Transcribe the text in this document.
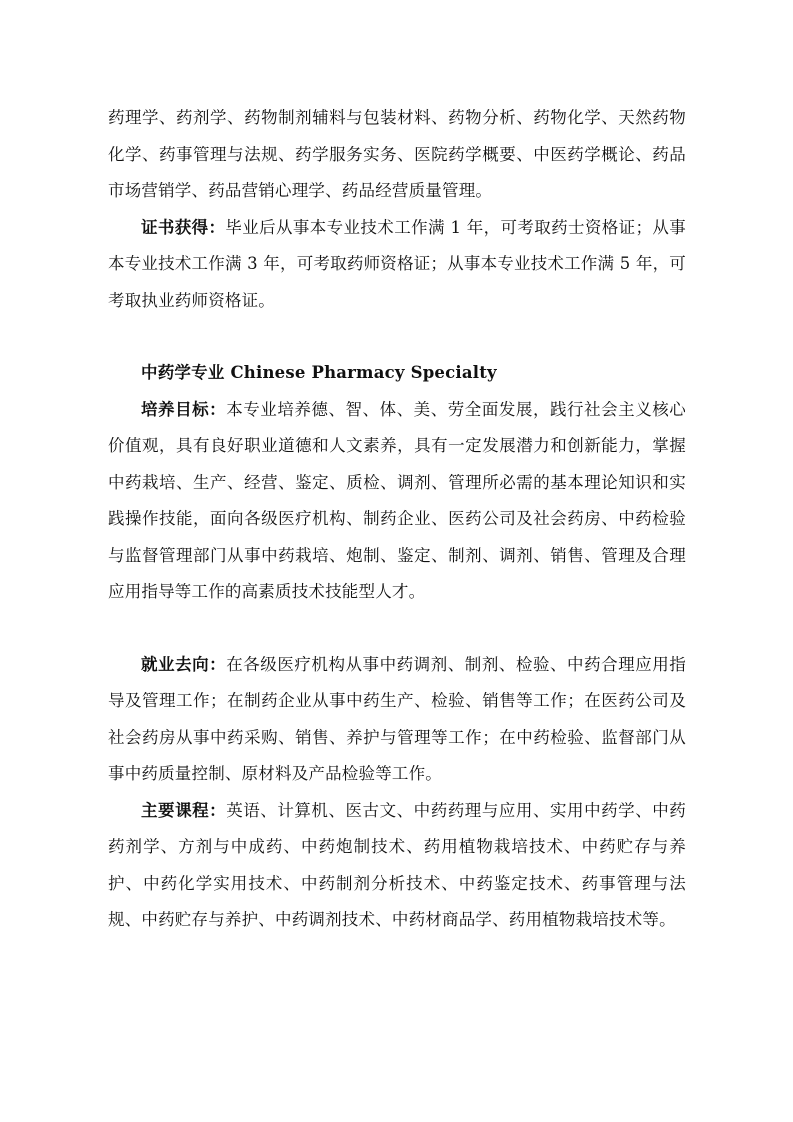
药理学、药剂学、药物制剂辅料与包装材料、药物分析、药物化学、天然药物化学、药事管理与法规、药学服务实务、医院药学概要、中医药学概论、药品市场营销学、药品营销心理学、药品经营质量管理。

证书获得：毕业后从事本专业技术工作满 1 年，可考取药士资格证；从事本专业技术工作满 3 年，可考取药师资格证；从事本专业技术工作满 5 年，可考取执业药师资格证。

中药学专业 Chinese Pharmacy Specialty

培养目标：本专业培养德、智、体、美、劳全面发展，践行社会主义核心价值观，具有良好职业道德和人文素养，具有一定发展潜力和创新能力，掌握中药栽培、生产、经营、鉴定、质检、调剂、管理所必需的基本理论知识和实践操作技能，面向各级医疗机构、制药企业、医药公司及社会药房、中药检验与监督管理部门从事中药栽培、炮制、鉴定、制剂、调剂、销售、管理及合理应用指导等工作的高素质技术技能型人才。

就业去向：在各级医疗机构从事中药调剂、制剂、检验、中药合理应用指导及管理工作；在制药企业从事中药生产、检验、销售等工作；在医药公司及社会药房从事中药采购、销售、养护与管理等工作；在中药检验、监督部门从事中药质量控制、原材料及产品检验等工作。

主要课程：英语、计算机、医古文、中药药理与应用、实用中药学、中药药剂学、方剂与中成药、中药炮制技术、药用植物栽培技术、中药贮存与养护、中药化学实用技术、中药制剂分析技术、中药鉴定技术、药事管理与法规、中药贮存与养护、中药调剂技术、中药材商品学、药用植物栽培技术等。
